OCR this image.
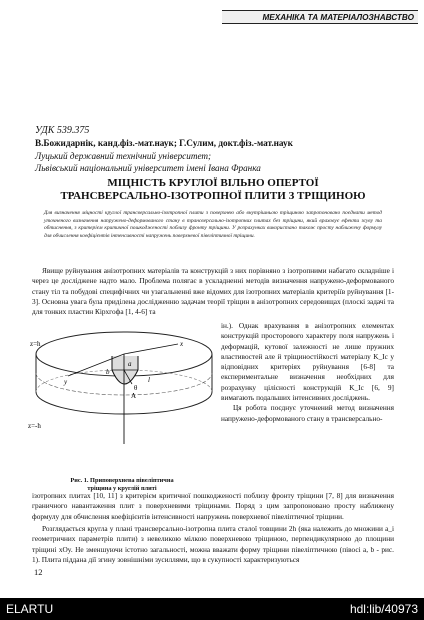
МЕХАНІКА ТА МАТЕРІАЛОЗНАВСТВО
УДК 539.375
В.Божидарнік, канд.фіз.-мат.наук; Г.Сулим, докт.фіз.-мат.наук
Луцький державний технічний університет;
Львівський національний університет імені Івана Франка
МІЦНІСТЬ КРУГЛОЇ ВІЛЬНО ОПЕРТОЇ
ТРАНСВЕРСАЛЬНО-ІЗОТРОПНОЇ ПЛИТИ З ТРІЩИНОЮ
Для визначення міцності круглої трансверсально-ізотропної плити з поверхнею або внутрішньою тріщиною запропоновано поєднати метод уточненого визначення напружено-деформованого стану в трансверсально-ізотропних плитах без тріщини, який враховує ефекти зсуву та обтиснення, з критерієм критичної пошкодженості поблизу фронту тріщини. У розрахунках використано також просту наближену формулу для обчислення коефіцієнтів інтенсивності напружень поверхневої півеліптичної тріщини.
Явище руйнування анізотропних матеріалів та конструкцій з них порівняно з ізотропними набагато складніше і через це досліджене надто мало. Проблема полягає в ускладненні методів визначення напружено-деформованого стану тіл та побудові специфічних чи узагальненні вже відомих для ізотропних матеріалів критеріїв руйнування [1-3]. Основна увага була приділена дослідженню задачам теорії тріщин в анізотропних середовищах (плоскі задачі та для тонких пластин Кірхгофа [1, 4-6] та
z=h
z=-h
b
a
θ
A
x
y	l
ін.). Однак врахування в анізотропних елементах конструкцій просторового характеру поля напружень і деформацій, кутової залежності не лише пружних властивостей але й тріщиностійкості матеріалу K_Ic у відповідних критеріях руйнування [6-8] та експериментальне визначення необхідних для розрахунку цілісності конструкцій K_Ic [6, 9] вимагають подальших інтенсивних досліджень.
Ця робота поєднує уточнений метод визначення напружено-деформованого стану в трансверсально-
Рис. 1. Приповерхнева півеліптична
тріщина у круглій плиті
ізотропних плитах [10, 11] з критерієм критичної пошкодженості поблизу фронту тріщини [7, 8] для визначення граничного навантаження плит з поверхневими тріщинами. Поряд з цим запропоновано просту наближену формулу для обчислення коефіцієнтів інтенсивності напружень поверхневої півеліптичної тріщини.
Розглядається кругла у плані трансверсально-ізотропна плита сталої товщини 2h (яка належить до множини a_i геометричних параметрів плити) з невеликою мілкою поверхневою тріщиною, перпендикулярною до площини тріщині xOy. Не зменшуючи істотно загальності, можна вважати форму тріщини півеліптичною (півосі a, b - рис. 1). Плита піддана дії згину зовнішніми зусиллями, що в сукупності характеризуються
12
ELARTU	hdl:lib/40973
